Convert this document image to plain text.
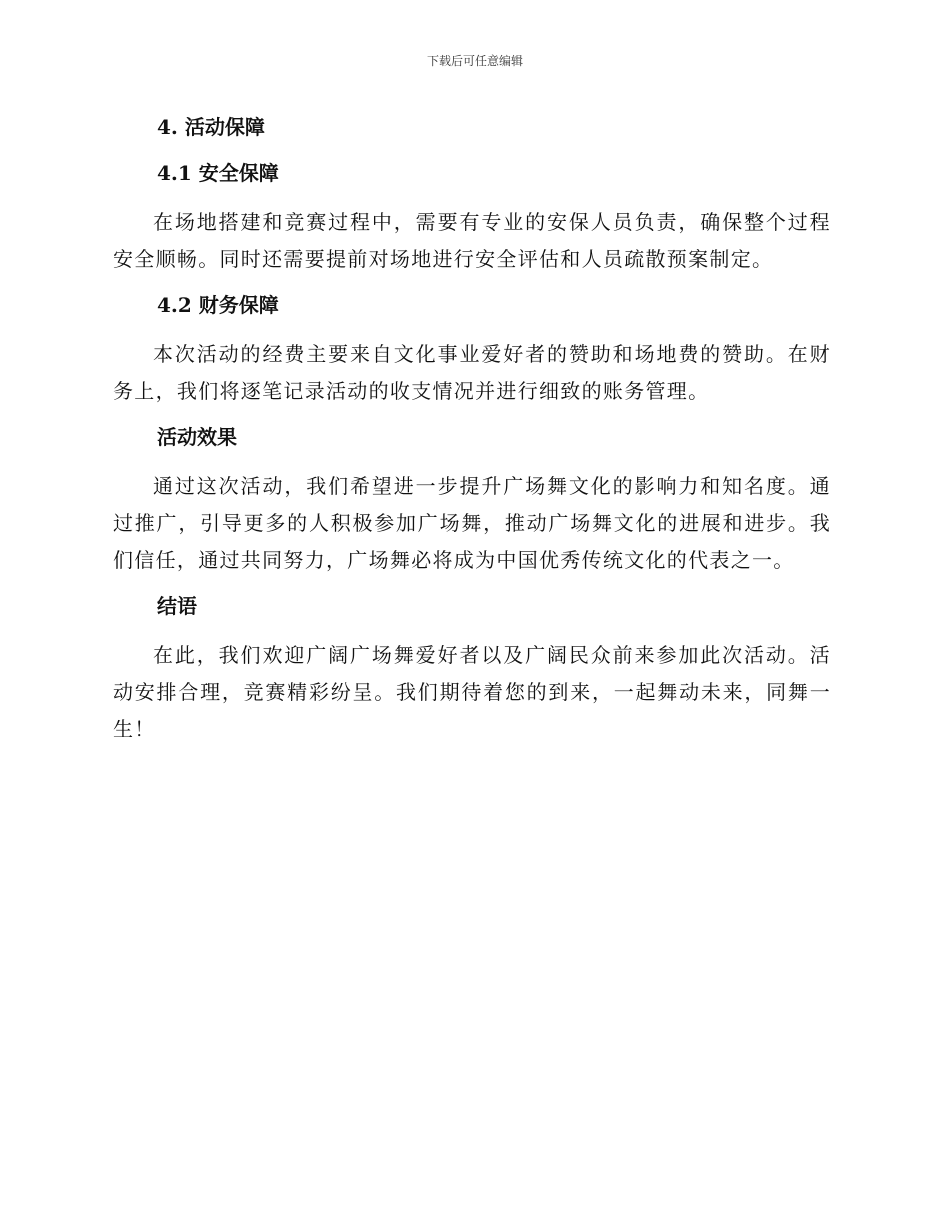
下载后可任意编辑
4. 活动保障
4.1 安全保障

在场地搭建和竞赛过程中，需要有专业的安保人员负责，确保整个过程安全顺畅。同时还需要提前对场地进行安全评估和人员疏散预案制定。

4.2 财务保障

本次活动的经费主要来自文化事业爱好者的赞助和场地费的赞助。在财务上，我们将逐笔记录活动的收支情况并进行细致的账务管理。

活动效果

通过这次活动，我们希望进一步提升广场舞文化的影响力和知名度。通过推广，引导更多的人积极参加广场舞，推动广场舞文化的进展和进步。我们信任，通过共同努力，广场舞必将成为中国优秀传统文化的代表之一。

结语

在此，我们欢迎广阔广场舞爱好者以及广阔民众前来参加此次活动。活动安排合理，竞赛精彩纷呈。我们期待着您的到来，一起舞动未来，同舞一生！
